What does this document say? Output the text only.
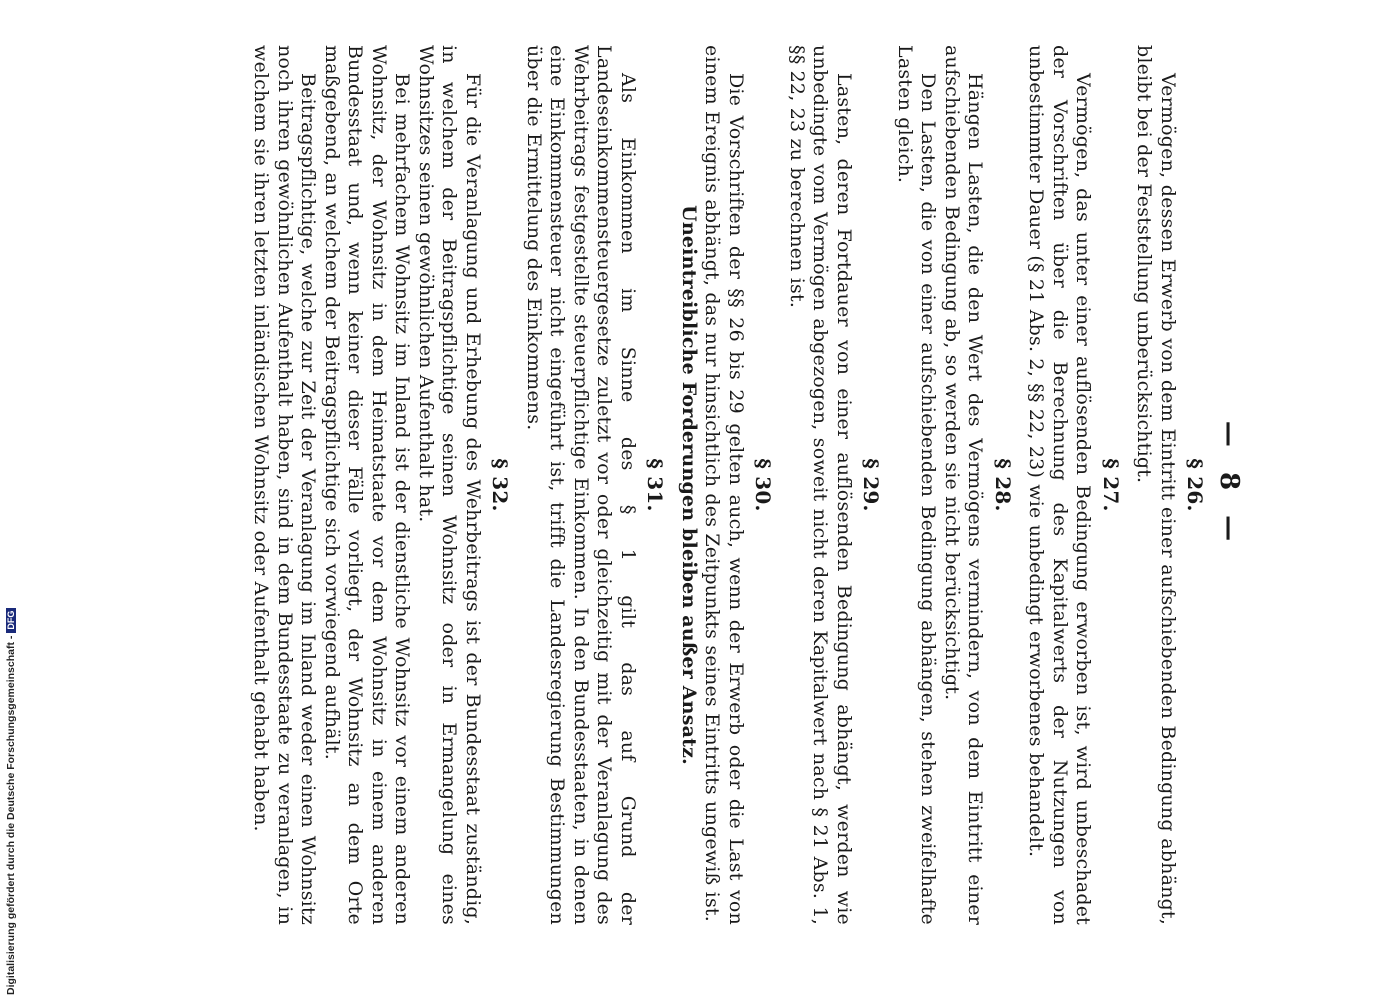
— 8 —
§ 26.

Vermögen, dessen Erwerb von dem Eintritt einer aufschiebenden Bedingung abhängt, bleibt bei der Feststellung unberücksichtigt.

§ 27.

Vermögen, das unter einer auflösenden Bedingung erworben ist, wird unbeschadet der Vorschriften über die Berechnung des Kapitalwerts der Nutzungen von unbestimmter Dauer (§ 21 Abs. 2, §§ 22, 23) wie unbedingt erworbenes behandelt.

§ 28.

Hängen Lasten, die den Wert des Vermögens vermindern, von dem Eintritt einer aufschiebenden Bedingung ab, so werden sie nicht berücksichtigt.

Den Lasten, die von einer aufschiebenden Bedingung abhängen, stehen zweifelhafte Lasten gleich.

§ 29.

Lasten, deren Fortdauer von einer auflösenden Bedingung abhängt, werden wie unbedingte vom Vermögen abgezogen, soweit nicht deren Kapitalwert nach § 21 Abs. 1, §§ 22, 23 zu berechnen ist.

§ 30.

Die Vorschriften der §§ 26 bis 29 gelten auch, wenn der Erwerb oder die Last von einem Ereignis abhängt, das nur hinsichtlich des Zeitpunkts seines Eintritts ungewiß ist.

Uneintreibliche Forderungen bleiben außer Ansatz.

§ 31.

Als Einkommen im Sinne des § 1 gilt das auf Grund der Landeseinkommensteuergesetze zuletzt vor oder gleichzeitig mit der Veranlagung des Wehrbeitrags festgestellte steuerpflichtige Einkommen. In den Bundesstaaten, in denen eine Einkommensteuer nicht eingeführt ist, trifft die Landesregierung Bestimmungen über die Ermittelung des Einkommens.

§ 32.

Für die Veranlagung und Erhebung des Wehrbeitrags ist der Bundesstaat zuständig, in welchem der Beitragspflichtige seinen Wohnsitz oder in Ermangelung eines Wohnsitzes seinen gewöhnlichen Aufenthalt hat.

Bei mehrfachem Wohnsitz im Inland ist der dienstliche Wohnsitz vor einem anderen Wohnsitz, der Wohnsitz in dem Heimatstaate vor dem Wohnsitz in einem anderen Bundesstaat und, wenn keiner dieser Fälle vorliegt, der Wohnsitz an dem Orte maßgebend, an welchem der Beitragspflichtige sich vorwiegend aufhält.

Beitragspflichtige, welche zur Zeit der Veranlagung im Inland weder einen Wohnsitz noch ihren gewöhnlichen Aufenthalt haben, sind in dem Bundesstaate zu veranlagen, in welchem sie ihren letzten inländischen Wohnsitz oder Aufenthalt gehabt haben.

Digitalisierung gefördert durch die Deutsche Forschungsgemeinschaft -DFG
